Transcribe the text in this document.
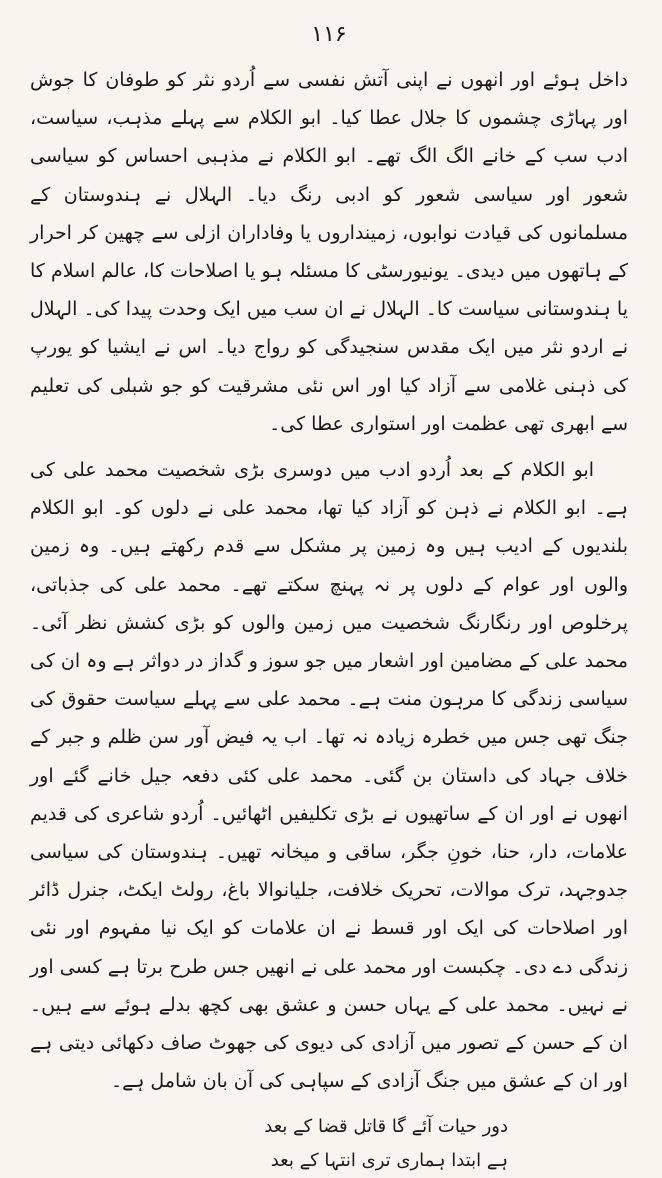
۱۱۶

داخل ہوئے اور انھوں نے اپنی آتش نفسی سے اُردو نثر کو طوفان کا جوش اور پہاڑی چشموں کا جلال عطا کیا۔ ابو الکلام سے پہلے مذہب، سیاست، ادب سب کے خانے الگ الگ تھے۔ ابو الکلام نے مذہبی احساس کو سیاسی شعور اور سیاسی شعور کو ادبی رنگ دیا۔ الہلال نے ہندوستان کے مسلمانوں کی قیادت نوابوں، زمینداروں یا وفاداران ازلی سے چھین کر احرار کے ہاتھوں میں دیدی۔ یونیورسٹی کا مسئلہ ہو یا اصلاحات کا، عالم اسلام کا یا ہندوستانی سیاست کا۔ الہلال نے ان سب میں ایک وحدت پیدا کی۔ الہلال نے اردو نثر میں ایک مقدس سنجیدگی کو رواج دیا۔ اس نے ایشیا کو یورپ کی ذہنی غلامی سے آزاد کیا اور اس نئی مشرقیت کو جو شبلی کی تعلیم سے ابھری تھی عظمت اور استواری عطا کی۔

ابو الکلام کے بعد اُردو ادب میں دوسری بڑی شخصیت محمد علی کی ہے۔ ابو الکلام نے ذہن کو آزاد کیا تھا، محمد علی نے دلوں کو۔ ابو الکلام بلندیوں کے ادیب ہیں وہ زمین پر مشکل سے قدم رکھتے ہیں۔ وہ زمین والوں اور عوام کے دلوں پر نہ پہنچ سکتے تھے۔ محمد علی کی جذباتی، پرخلوص اور رنگارنگ شخصیت میں زمین والوں کو بڑی کشش نظر آئی۔ محمد علی کے مضامین اور اشعار میں جو سوز و گداز در دواثر ہے وہ ان کی سیاسی زندگی کا مرہون منت ہے۔ محمد علی سے پہلے سیاست حقوق کی جنگ تھی جس میں خطرہ زیادہ نہ تھا۔ اب یہ فیض آور سن ظلم و جبر کے خلاف جہاد کی داستان بن گئی۔ محمد علی کئی دفعہ جیل خانے گئے اور انھوں نے اور ان کے ساتھیوں نے بڑی تکلیفیں اٹھائیں۔ اُردو شاعری کی قدیم علامات، دار، حنا، خونِ جگر، ساقی و میخانہ تھیں۔ ہندوستان کی سیاسی جدوجہد، ترک موالات، تحریک خلافت، جلیانوالا باغ، رولٹ ایکٹ، جنرل ڈائر اور اصلاحات کی ایک اور قسط نے ان علامات کو ایک نیا مفہوم اور نئی زندگی دے دی۔ چکبست اور محمد علی نے انھیں جس طرح برتا ہے کسی اور نے نہیں۔ محمد علی کے یہاں حسن و عشق بھی کچھ بدلے ہوئے سے ہیں۔ ان کے حسن کے تصور میں آزادی کی دیوی کی جھوٹ صاف دکھائی دیتی ہے اور ان کے عشق میں جنگ آزادی کے سپاہی کی آن بان شامل ہے۔

دور حیات آئے گا قاتل قضا کے بعد
ہے ابتدا ہماری تری انتہا کے بعد
